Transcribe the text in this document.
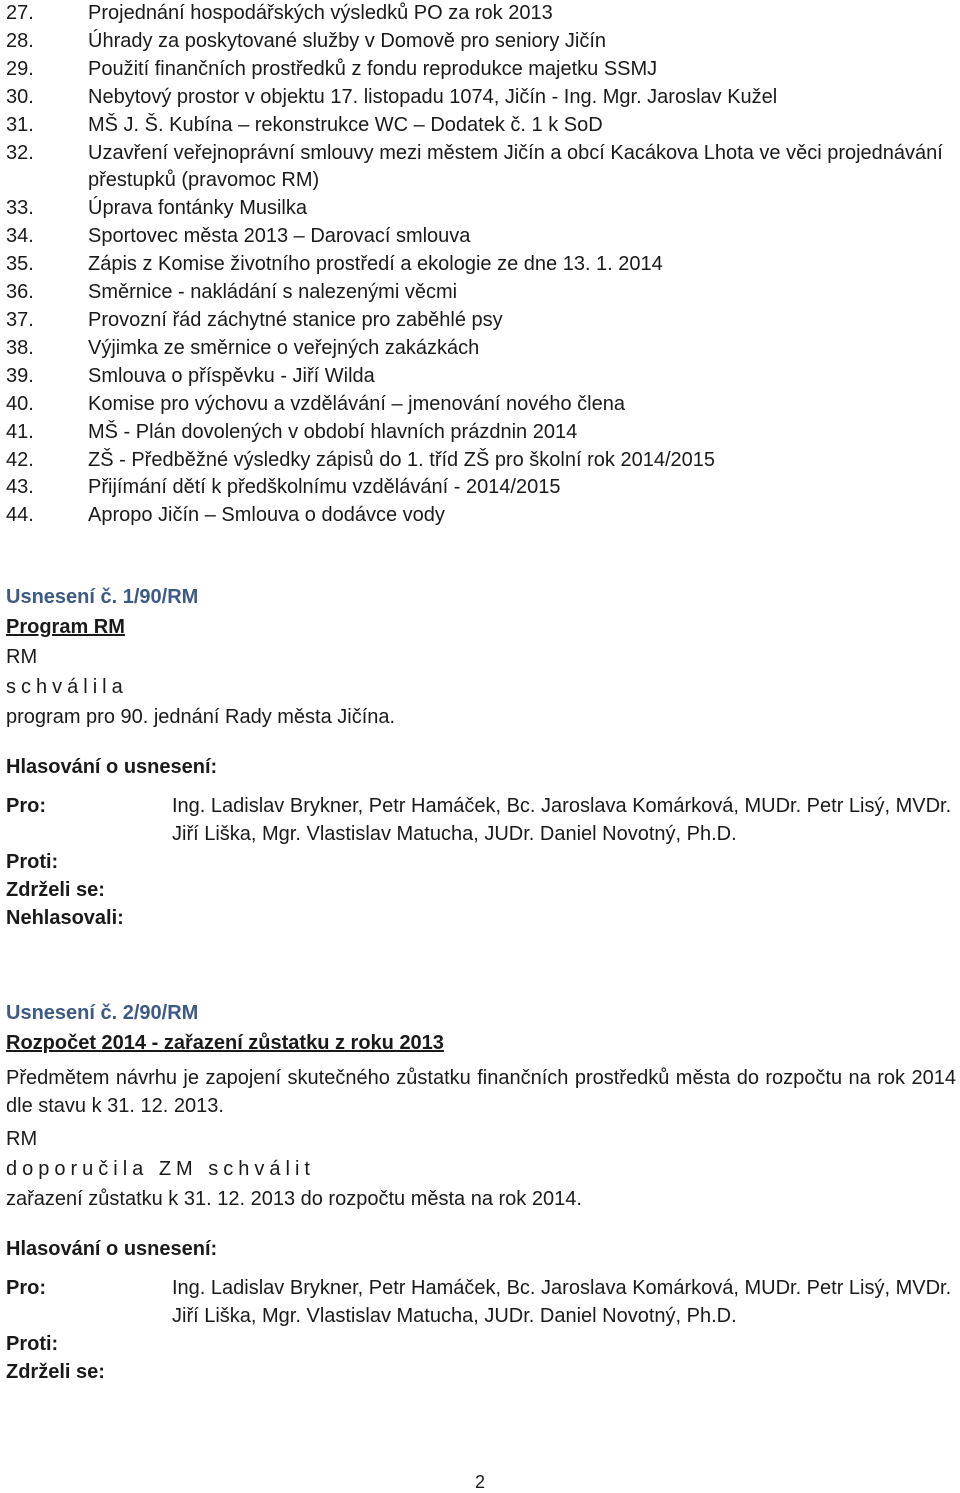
27.	Projednání hospodářských výsledků PO za rok 2013
28.	Úhrady za poskytované služby v Domově pro seniory Jičín
29.	Použití finančních prostředků z fondu reprodukce majetku SSMJ
30.	Nebytový prostor v objektu 17. listopadu 1074, Jičín - Ing. Mgr. Jaroslav Kužel
31.	MŠ J. Š. Kubína – rekonstrukce WC – Dodatek č. 1 k SoD
32.	Uzavření veřejnoprávní smlouvy mezi městem Jičín a obcí Kacákova Lhota ve věci projednávání přestupků (pravomoc RM)
33.	Úprava fontánky Musilka
34.	Sportovec města 2013 – Darovací smlouva
35.	Zápis z Komise životního prostředí a ekologie ze dne 13. 1. 2014
36.	Směrnice - nakládání s nalezenými věcmi
37.	Provozní řád záchytné stanice pro zaběhlé psy
38.	Výjimka ze směrnice o veřejných zakázkách
39.	Smlouva o příspěvku - Jiří Wilda
40.	Komise pro výchovu a vzdělávání – jmenování nového člena
41.	MŠ - Plán dovolených v období hlavních prázdnin 2014
42.	ZŠ - Předběžné výsledky zápisů do 1. tříd ZŠ pro školní rok 2014/2015
43.	Přijímání dětí k předškolnímu vzdělávání - 2014/2015
44.	Apropo Jičín – Smlouva o dodávce vody
Usnesení č. 1/90/RM
Program RM
RM
schválila
program pro 90. jednání Rady města Jičína.
Hlasování o usnesení:
Pro:	Ing. Ladislav Brykner, Petr Hamáček, Bc. Jaroslava Komárková, MUDr. Petr Lisý, MVDr. Jiří Liška, Mgr. Vlastislav Matucha, JUDr. Daniel Novotný, Ph.D.
Proti:
Zdrželi se:
Nehlasovali:
Usnesení č. 2/90/RM
Rozpočet 2014 - zařazení zůstatku z roku 2013
Předmětem návrhu je zapojení skutečného zůstatku finančních prostředků města do rozpočtu na rok 2014 dle stavu k 31. 12. 2013.
RM
doporučila ZM schválit
zařazení zůstatku k 31. 12. 2013 do rozpočtu města na rok 2014.
Hlasování o usnesení:
Pro:	Ing. Ladislav Brykner, Petr Hamáček, Bc. Jaroslava Komárková, MUDr. Petr Lisý, MVDr. Jiří Liška, Mgr. Vlastislav Matucha, JUDr. Daniel Novotný, Ph.D.
Proti:
Zdrželi se:
2
